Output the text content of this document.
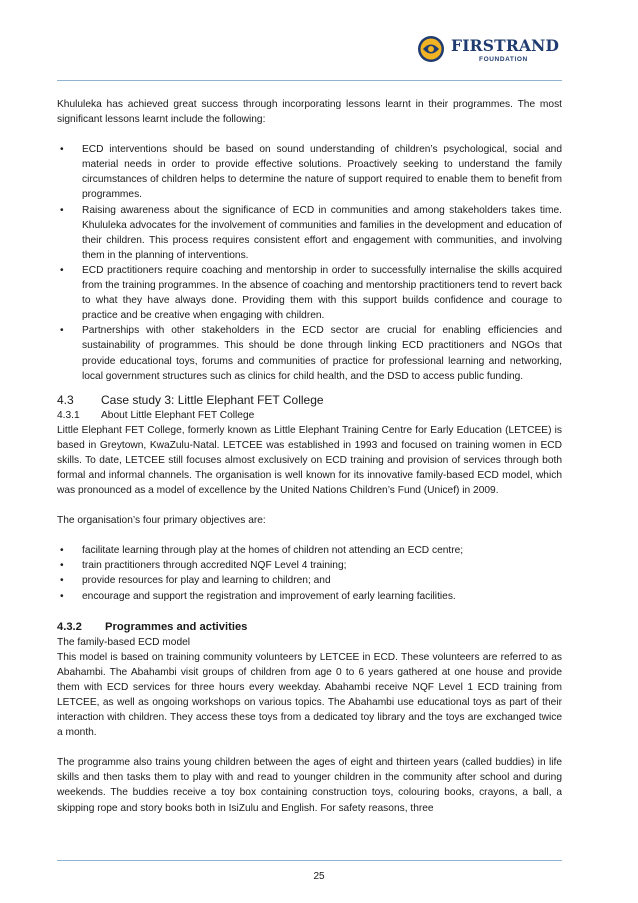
FIRSTRAND
FOUNDATION

Khululeka has achieved great success through incorporating lessons learnt in their programmes. The most significant lessons learnt include the following:

• ECD interventions should be based on sound understanding of children’s psychological, social and material needs in order to provide effective solutions. Proactively seeking to understand the family circumstances of children helps to determine the nature of support required to enable them to benefit from programmes.
• Raising awareness about the significance of ECD in communities and among stakeholders takes time. Khululeka advocates for the involvement of communities and families in the development and education of their children. This process requires consistent effort and engagement with communities, and involving them in the planning of interventions.
• ECD practitioners require coaching and mentorship in order to successfully internalise the skills acquired from the training programmes. In the absence of coaching and mentorship practitioners tend to revert back to what they have always done. Providing them with this support builds confidence and courage to practice and be creative when engaging with children.
• Partnerships with other stakeholders in the ECD sector are crucial for enabling efficiencies and sustainability of programmes. This should be done through linking ECD practitioners and NGOs that provide educational toys, forums and communities of practice for professional learning and networking, local government structures such as clinics for child health, and the DSD to access public funding.
4.3 Case study 3: Little Elephant FET College
4.3.1 About Little Elephant FET College

Little Elephant FET College, formerly known as Little Elephant Training Centre for Early Education (LETCEE) is based in Greytown, KwaZulu-Natal. LETCEE was established in 1993 and focused on training women in ECD skills. To date, LETCEE still focuses almost exclusively on ECD training and provision of services through both formal and informal channels. The organisation is well known for its innovative family-based ECD model, which was pronounced as a model of excellence by the United Nations Children’s Fund (Unicef) in 2009.

The organisation’s four primary objectives are:

• facilitate learning through play at the homes of children not attending an ECD centre;
• train practitioners through accredited NQF Level 4 training;
• provide resources for play and learning to children; and
• encourage and support the registration and improvement of early learning facilities.
4.3.2 Programmes and activities

The family-based ECD model

This model is based on training community volunteers by LETCEE in ECD. These volunteers are referred to as Abahambi. The Abahambi visit groups of children from age 0 to 6 years gathered at one house and provide them with ECD services for three hours every weekday. Abahambi receive NQF Level 1 ECD training from LETCEE, as well as ongoing workshops on various topics. The Abahambi use educational toys as part of their interaction with children. They access these toys from a dedicated toy library and the toys are exchanged twice a month.

The programme also trains young children between the ages of eight and thirteen years (called buddies) in life skills and then tasks them to play with and read to younger children in the community after school and during weekends. The buddies receive a toy box containing construction toys, colouring books, crayons, a ball, a skipping rope and story books both in IsiZulu and English. For safety reasons, three

25
